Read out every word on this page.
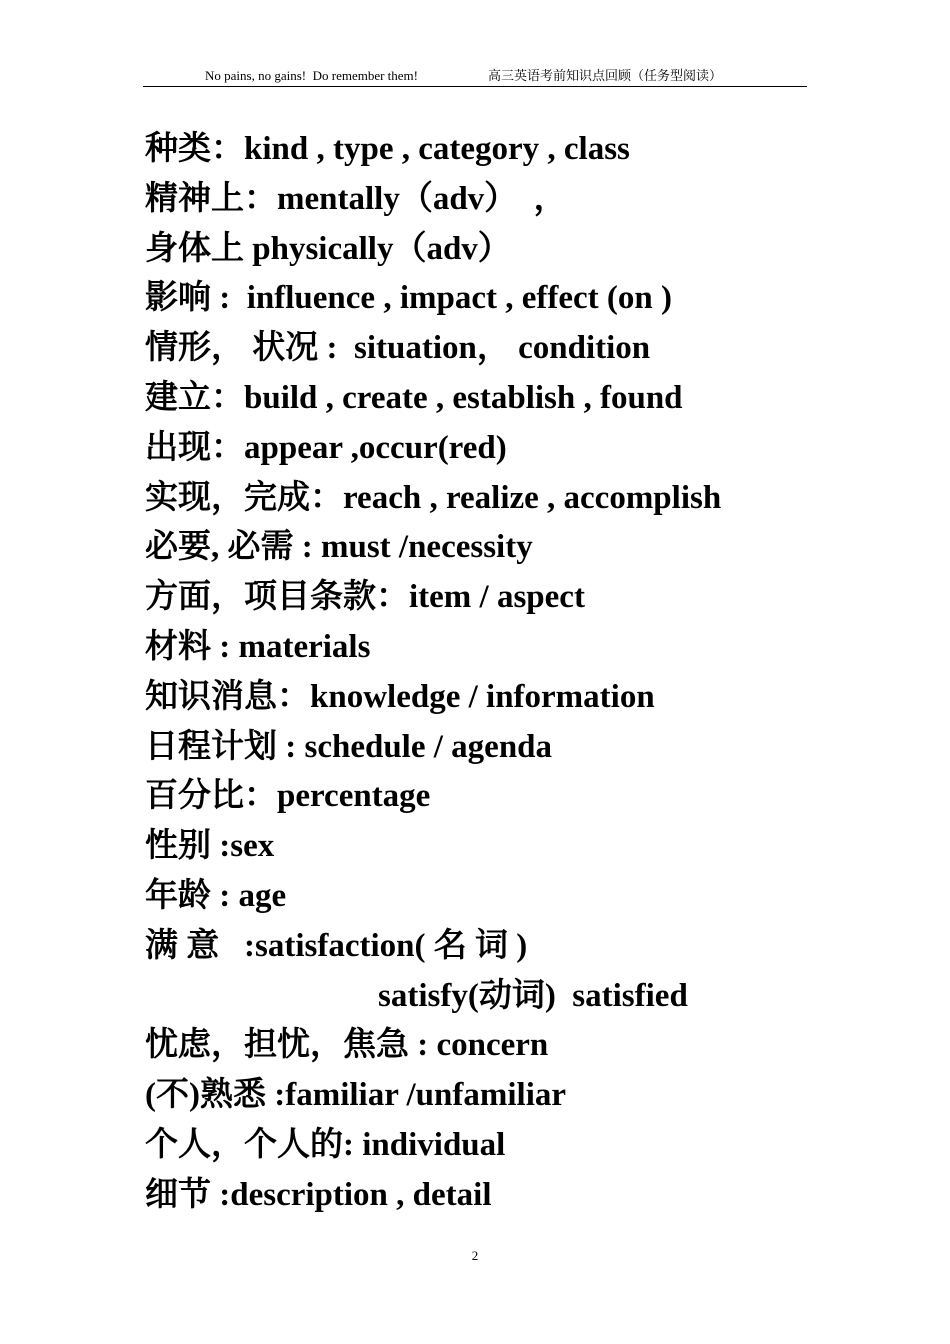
No pains, no gains!  Do remember them!	高三英语考前知识点回顾（任务型阅读）
种类：kind , type , category , class
精神上：mentally（adv）  ，
身体上 physically（adv）
影响 :  influence , impact , effect (on )
情形， 状况 :  situation， condition
建立：build , create , establish , found
出现：appear ,occur(red)
实现，完成：reach , realize , accomplish
必要, 必需 : must /necessity
方面，项目条款：item / aspect
材料 : materials
知识消息：knowledge / information
日程计划 : schedule / agenda
百分比：percentage
性别 :sex
年龄 : age
满 意   :satisfaction( 名 词 )
satisfy(动词)  satisfied
忧虑，担忧，焦急 : concern
(不)熟悉 :familiar /unfamiliar
个人，个人的: individual
细节 :description , detail
2
